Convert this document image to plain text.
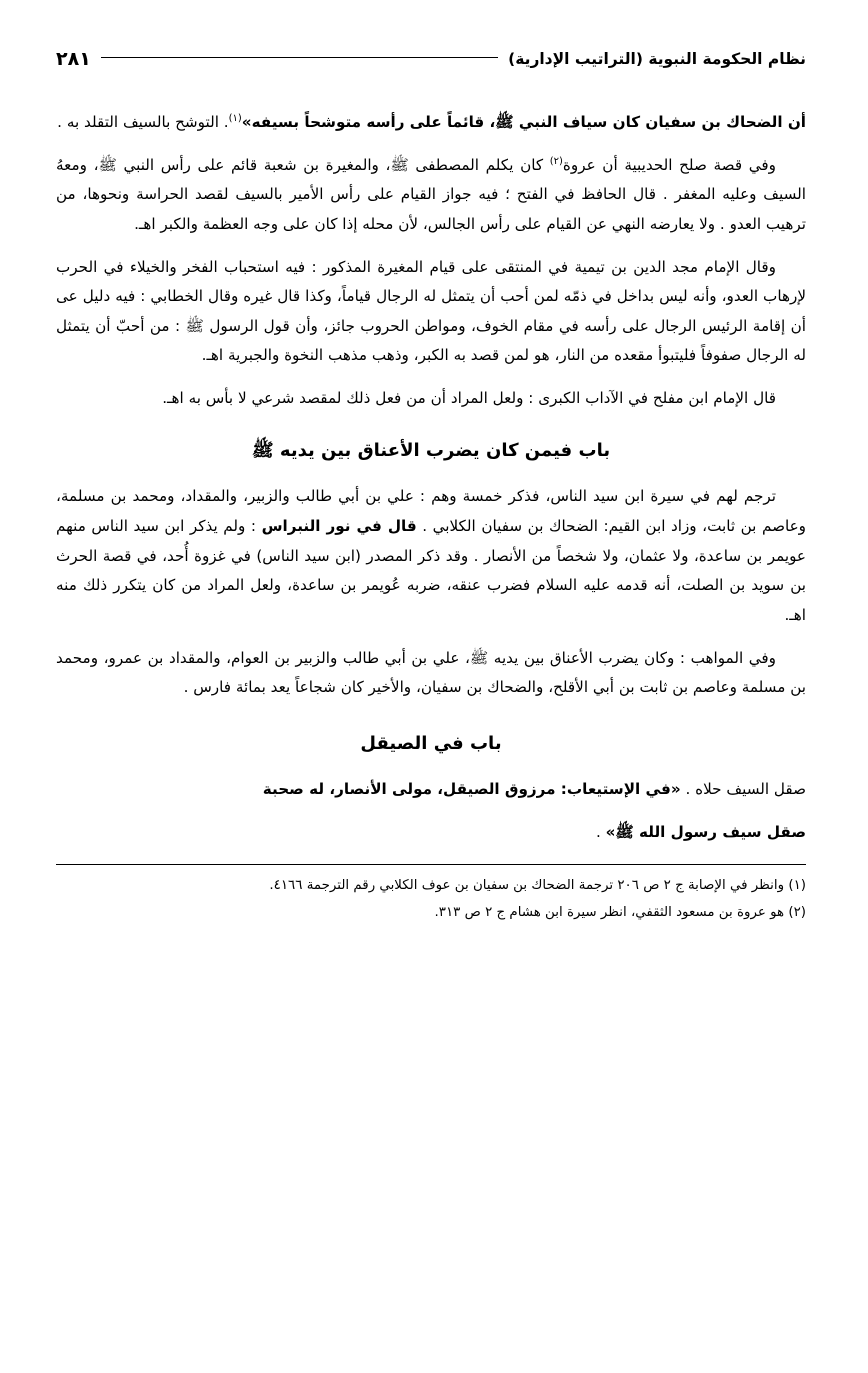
نظام الحكومة النبوية (التراتيب الإدارية)
٢٨١

أن الضحاك بن سفيان كان سياف النبي ﷺ، قائماً على رأسه متوشحاً بسيفه»$^{(١)}$. التوشح بالسيف التقلد به .

وفي قصة صلح الحديبية أن عروة$^{(٢)}$ كان يكلم المصطفى ﷺ، والمغيرة بن شعبة قائم على رأس النبي ﷺ، ومعهُ السيف وعليه المغفر . قال الحافظ في الفتح ؛ فيه جواز القيام على رأس الأمير بالسيف لقصد الحراسة ونحوها، من ترهيب العدو . ولا يعارضه النهي عن القيام على رأس الجالس، لأن محله إذا كان على وجه العظمة والكبر اهـ.

وقال الإمام مجد الدين بن تيمية في المنتقى على قيام المغيرة المذكور : فيه استحباب الفخر والخيلاء في الحرب لإرهاب العدو، وأنه ليس بداخل في ذمّه لمن أحب أن يتمثل له الرجال قياماً، وكذا قال غيره وقال الخطابي : فيه دليل عى أن إقامة الرئيس الرجال على رأسه في مقام الخوف، ومواطن الحروب جائز، وأن قول الرسول ﷺ : من أحبّ أن يتمثل له الرجال صفوفاً فليتبوأ مقعده من النار، هو لمن قصد به الكبر، وذهب مذهب النخوة والجبرية اهـ.

قال الإمام ابن مفلح في الآداب الكبرى : ولعل المراد أن من فعل ذلك لمقصد شرعي لا بأس به اهـ.

باب فيمن كان يضرب الأعناق بين يديه ﷺ

ترجم لهم في سيرة ابن سيد الناس، فذكر خمسة وهم : علي بن أبي طالب والزبير، والمقداد، ومحمد بن مسلمة، وعاصم بن ثابت، وزاد ابن القيم: الضحاك بن سفيان الكلابي . قال في نور النبراس : ولم يذكر ابن سيد الناس منهم عويمر بن ساعدة، ولا عثمان، ولا شخصاً من الأنصار . وقد ذكر المصدر (ابن سيد الناس) في غزوة أُحد، في قصة الحرث بن سويد بن الصلت، أنه قدمه عليه السلام فضرب عنقه، ضربه عُويمر بن ساعدة، ولعل المراد من كان يتكرر ذلك منه اهـ.

وفي المواهب : وكان يضرب الأعناق بين يديه ﷺ، علي بن أبي طالب والزبير بن العوام، والمقداد بن عمرو، ومحمد بن مسلمة وعاصم بن ثابت بن أبي الأقلح، والضحاك بن سفيان، والأخير كان شجاعاً يعد بمائة فارس .

باب في الصيقل

صقل السيف حلاه . «في الإستيعاب: مرزوق الصيقل، مولى الأنصار، له صحبة

صقل سيف رسول الله ﷺ» .

(١) وانظر في الإصابة ج ٢ ص ٢٠٦ ترجمة الضحاك بن سفيان بن عوف الكلابي رقم الترجمة ٤١٦٦.

(٢) هو عروة بن مسعود الثقفي، انظر سيرة ابن هشام ج ٢ ص ٣١٣.
